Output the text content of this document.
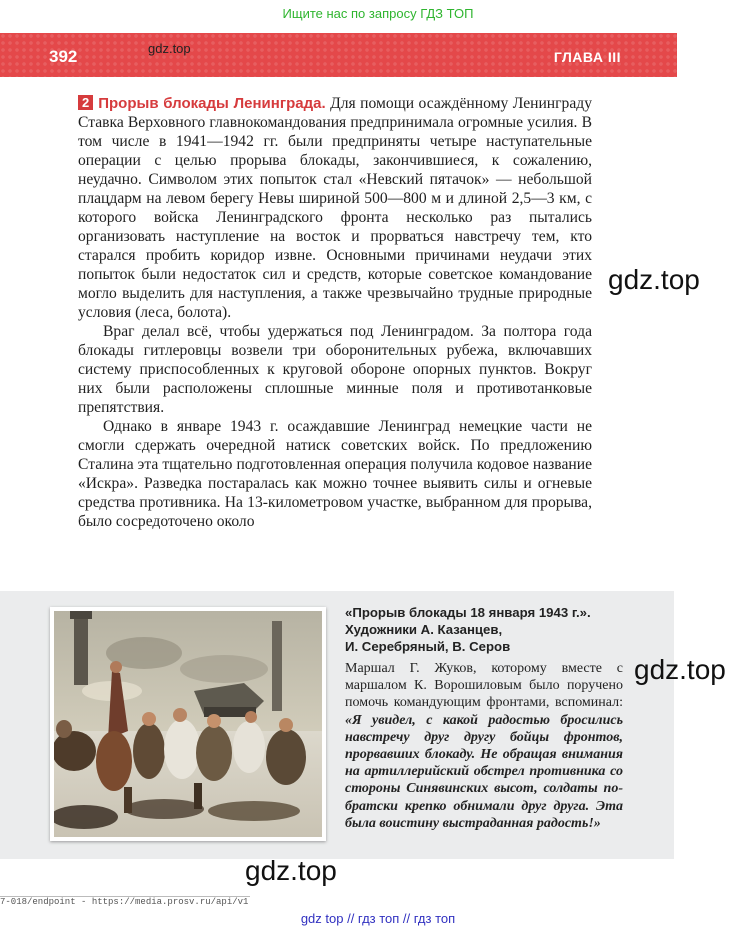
Ищите нас по запросу ГДЗ ТОП
392	gdz.top
ГЛАВА III

2 Прорыв блокады Ленинграда. Для помощи осаждённому Ленинграду Ставка Верховного главнокомандования предпринимала огромные усилия. В том числе в 1941—1942 гг. были предприняты четыре наступательные операции с целью прорыва блокады, закончившиеся, к сожалению, неудачно. Символом этих попыток стал «Невский пятачок» — небольшой плацдарм на левом берегу Невы шириной 500—800 м и длиной 2,5—3 км, с которого войска Ленинградского фронта несколько раз пытались организовать наступление на восток и прорваться навстречу тем, кто старался пробить коридор извне. Основными причинами неудачи этих попыток были недостаток сил и средств, которые советское командование могло выделить для наступления, а также чрезвычайно трудные природные условия (леса, болота).

Враг делал всё, чтобы удержаться под Ленинградом. За полтора года блокады гитлеровцы возвели три оборонительных рубежа, включавших систему приспособленных к круговой обороне опорных пунктов. Вокруг них были расположены сплошные минные поля и противотанковые препятствия.

Однако в январе 1943 г. осаждавшие Ленинград немецкие части не смогли сдержать очередной натиск советских войск. По предложению Сталина эта тщательно подготовленная операция получила кодовое название «Искра». Разведка постаралась как можно точнее выявить силы и огневые средства противника. На 13-километровом участке, выбранном для прорыва, было сосредоточено около

gdz.top
«Прорыв блокады 18 января 1943 г.».
Художники А. Казанцев,
И. Серебряный, В. Серов
Маршал Г. Жуков, которому вместе с маршалом К. Ворошиловым было поручено помочь командующим фронтами, вспоминал: «Я увидел, с какой радостью бросились навстречу друг другу бойцы фронтов, прорвавших блокаду. Не обращая внимания на артиллерийский обстрел противника со стороны Синявинских высот, солдаты по-братски крепко обнимали друг друга. Эта была воистину выстраданная радость!»
gdz.top
gdz.top
7-018/endpoint - https://media.prosv.ru/api/v1
gdz top // гдз топ // гдз топ
